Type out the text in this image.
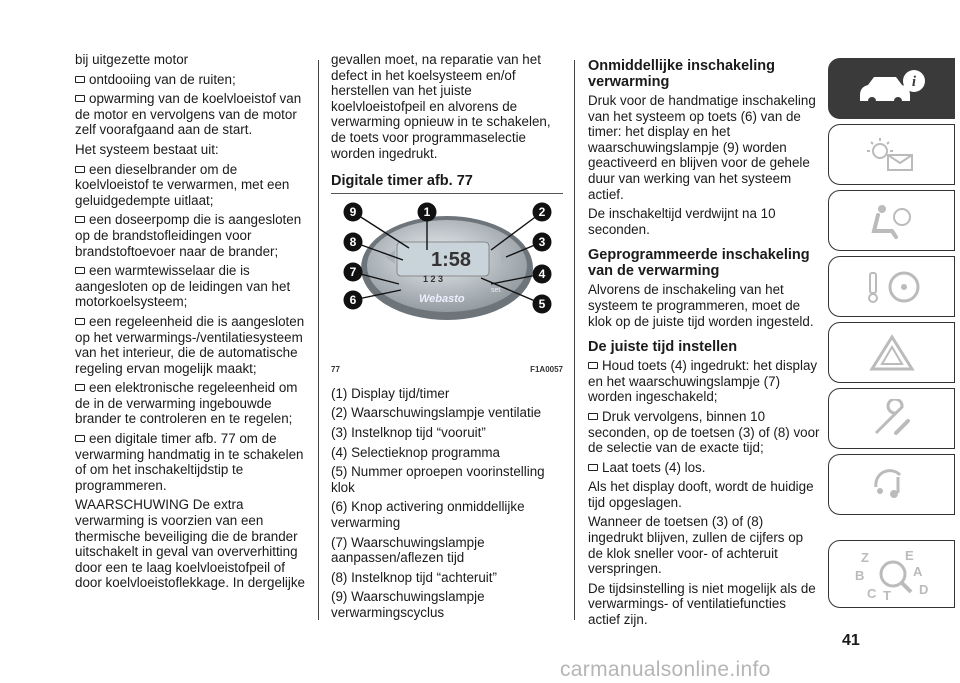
bij uitgezette motor

ontdooiing van de ruiten;

opwarming van de koelvloeistof van de motor en vervolgens van de motor zelf voorafgaand aan de start.

Het systeem bestaat uit:

een dieselbrander om de koelvloeistof te verwarmen, met een geluidgedempte uitlaat;

een doseerpomp die is aangesloten op de brandstofleidingen voor brandstoftoevoer naar de brander;

een warmtewisselaar die is aangesloten op de leidingen van het motorkoelsysteem;

een regeleenheid die is aangesloten op het verwarmings-/ventilatiesysteem van het interieur, die de automatische regeling ervan mogelijk maakt;

een elektronische regeleenheid om de in de verwarming ingebouwde brander te controleren en te regelen;

een digitale timer afb. 77 om de verwarming handmatig in te schakelen of om het inschakeltijdstip te programmeren.

WAARSCHUWING De extra verwarming is voorzien van een thermische beveiliging die de brander uitschakelt in geval van oververhitting door een te laag koelvloeistofpeil of door koelvloeistoflekkage. In dergelijke

gevallen moet, na reparatie van het defect in het koelsysteem en/of herstellen van het juiste koelvloeistofpeil en alvorens de verwarming opnieuw in te schakelen, de toets voor programmaselectie worden ingedrukt.

Digitale timer afb. 77
1:58
1 2 3
Webasto
set
9	1	2
8	3
7	4
6	5
77	F1A0057

(1) Display tijd/timer

(2) Waarschuwingslampje ventilatie

(3) Instelknop tijd “vooruit”

(4) Selectieknop programma

(5) Nummer oproepen voorinstelling klok

(6) Knop activering onmiddellijke verwarming

(7) Waarschuwingslampje aanpassen/aflezen tijd

(8) Instelknop tijd “achteruit”

(9) Waarschuwingslampje verwarmingscyclus

Onmiddellijke inschakeling verwarming

Druk voor de handmatige inschakeling van het systeem op toets (6) van de timer: het display en het waarschuwingslampje (9) worden geactiveerd en blijven voor de gehele duur van werking van het systeem actief.

De inschakeltijd verdwijnt na 10 seconden.

Geprogrammeerde inschakeling van de verwarming

Alvorens de inschakeling van het systeem te programmeren, moet de klok op de juiste tijd worden ingesteld.

De juiste tijd instellen

Houd toets (4) ingedrukt: het display en het waarschuwingslampje (7) worden ingeschakeld;

Druk vervolgens, binnen 10 seconden, op de toetsen (3) of (8) voor de selectie van de exacte tijd;

Laat toets (4) los.

Als het display dooft, wordt de huidige tijd opgeslagen.

Wanneer de toetsen (3) of (8) ingedrukt blijven, zullen de cijfers op de klok sneller voor- of achteruit verspringen.

De tijdsinstelling is niet mogelijk als de verwarmings- of ventilatiefuncties actief zijn.

i
Z	E
B	A
C T D
41
carmanualsonline.info
